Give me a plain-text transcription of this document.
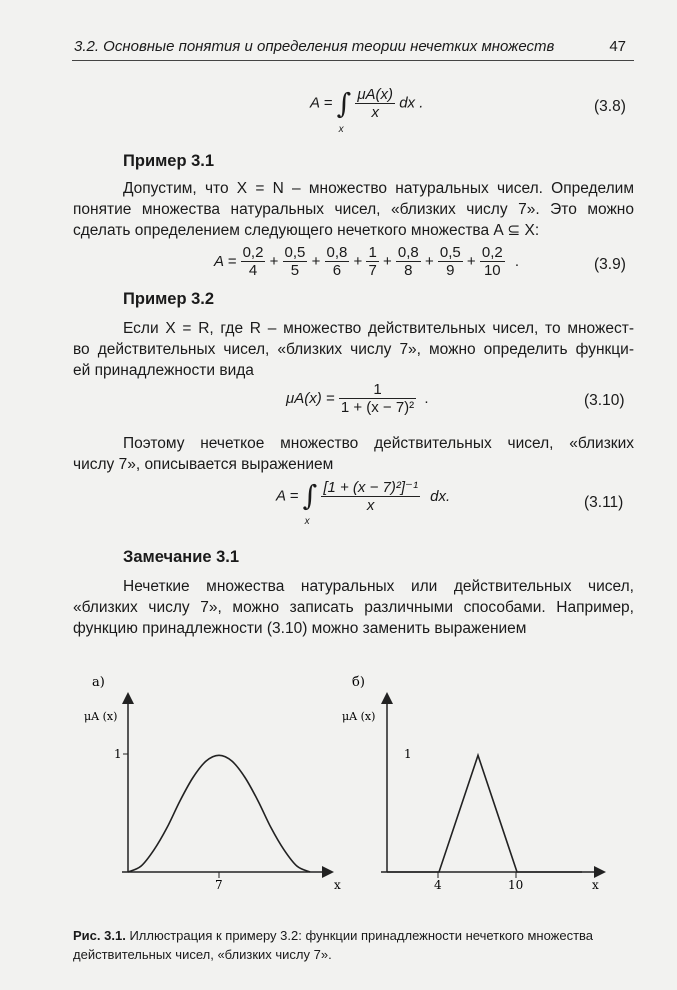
3.2. Основные понятия и определения теории нечетких множеств	47
A = ∫
x

$\frac{\mu A(x)}{x}$ dx .	(3.8)
Пример 3.1
Допустим, что X = N – множество натуральных чисел. Определим
понятие множества натуральных чисел, «близких числу 7». Это можно
сделать определением следующего нечеткого множества A ⊆ X:
$A = \frac{0,2}{4} + \frac{0,5}{5} + \frac{0,8}{6} + \frac{1}{7} + \frac{0,8}{8} + \frac{0,5}{9} + \frac{0,2}{10}$ .	(3.9)
Пример 3.2
Если X = R, где R – множество действительных чисел, то множест-
во действительных чисел, «близких числу 7», можно определить функци-
ей принадлежности вида
$\mu A(x) = \frac{1}{\text{1 + (x − 7)²}}$ .	(3.10)
Поэтому нечеткое множество действительных чисел, «близких
числу 7», описывается выражением
A = ∫
x

$\frac{\text{[1 + (x − 7)²]⁻¹}}{x}$ dx.	(3.11)
Замечание 3.1
Нечеткие множества натуральных или действительных чисел,
«близких числу 7», можно записать различными способами. Например,
функцию принадлежности (3.10) можно заменить выражением
а)
μA (x)
1
7	x
б)
μA (x)
1
4	10	x
Рис. 3.1. Иллюстрация к примеру 3.2: функции принадлежности нечеткого множества
действительных чисел, «близких числу 7».
